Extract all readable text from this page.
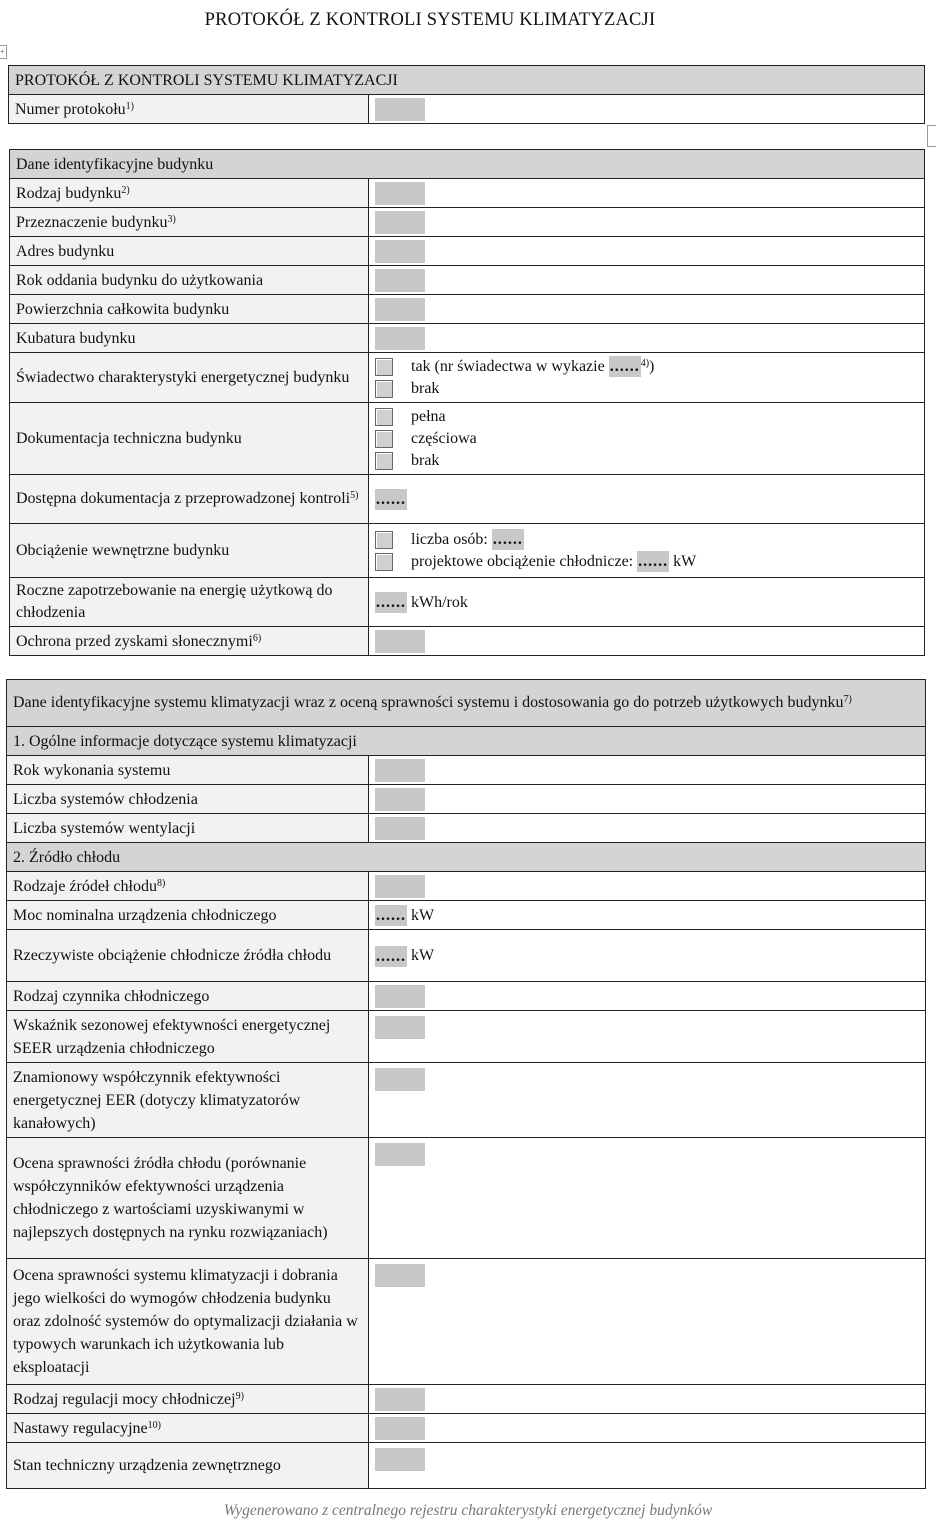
PROTOKÓŁ Z KONTROLI SYSTEMU KLIMATYZACJI
+
PROTOKÓŁ Z KONTROLI SYSTEMU KLIMATYZACJI
Numer protokołu$^{1)}$	
Dane identyfikacyjne budynku	
Rodzaj budynku$^{2)}$	
Przeznaczenie budynku$^{3)}$	
Adres budynku	
Rok oddania budynku do użytkowania	
Powierzchnia całkowita budynku	
Kubatura budynku	
Świadectwo charakterystyki energetycznej budynku	tak (nr świadectwa w wykazie ......$^{4)}$)
brak

Dokumentacja techniczna budynku	pełna
częściowa
brak

Dostępna dokumentacja z przeprowadzonej kontroli$^{5)}$	......
Obciążenie wewnętrzne budynku	liczba osób: ......
projektowe obciążenie chłodnicze: ...... kW

Roczne zapotrzebowanie na energię użytkową do chłodzenia	...... kWh/rok
Ochrona przed zyskami słonecznymi$^{6)}$	
Dane identyfikacyjne systemu klimatyzacji wraz z oceną sprawności systemu i dostosowania go do potrzeb użytkowych budynku$^{7)}$
1. Ogólne informacje dotyczące systemu klimatyzacji	
Rok wykonania systemu	
Liczba systemów chłodzenia	
Liczba systemów wentylacji	
2. Źródło chłodu	
Rodzaje źródeł chłodu$^{8)}$	
Moc nominalna urządzenia chłodniczego	...... kW
Rzeczywiste obciążenie chłodnicze źródła chłodu	...... kW
Rodzaj czynnika chłodniczego	
Wskaźnik sezonowej efektywności energetycznej SEER urządzenia chłodniczego	
Znamionowy współczynnik efektywności energetycznej EER (dotyczy klimatyzatorów kanałowych)	
Ocena sprawności źródła chłodu (porównanie współczynników efektywności urządzenia chłodniczego z wartościami uzyskiwanymi w najlepszych dostępnych na rynku rozwiązaniach)	
Ocena sprawności systemu klimatyzacji i dobrania jego wielkości do wymogów chłodzenia budynku oraz zdolność systemów do optymalizacji działania w typowych warunkach ich użytkowania lub eksploatacji	
Rodzaj regulacji mocy chłodniczej$^{9)}$	
Nastawy regulacyjne$^{10)}$	
Stan techniczny urządzenia zewnętrznego	
Wygenerowano z centralnego rejestru charakterystyki energetycznej budynków
